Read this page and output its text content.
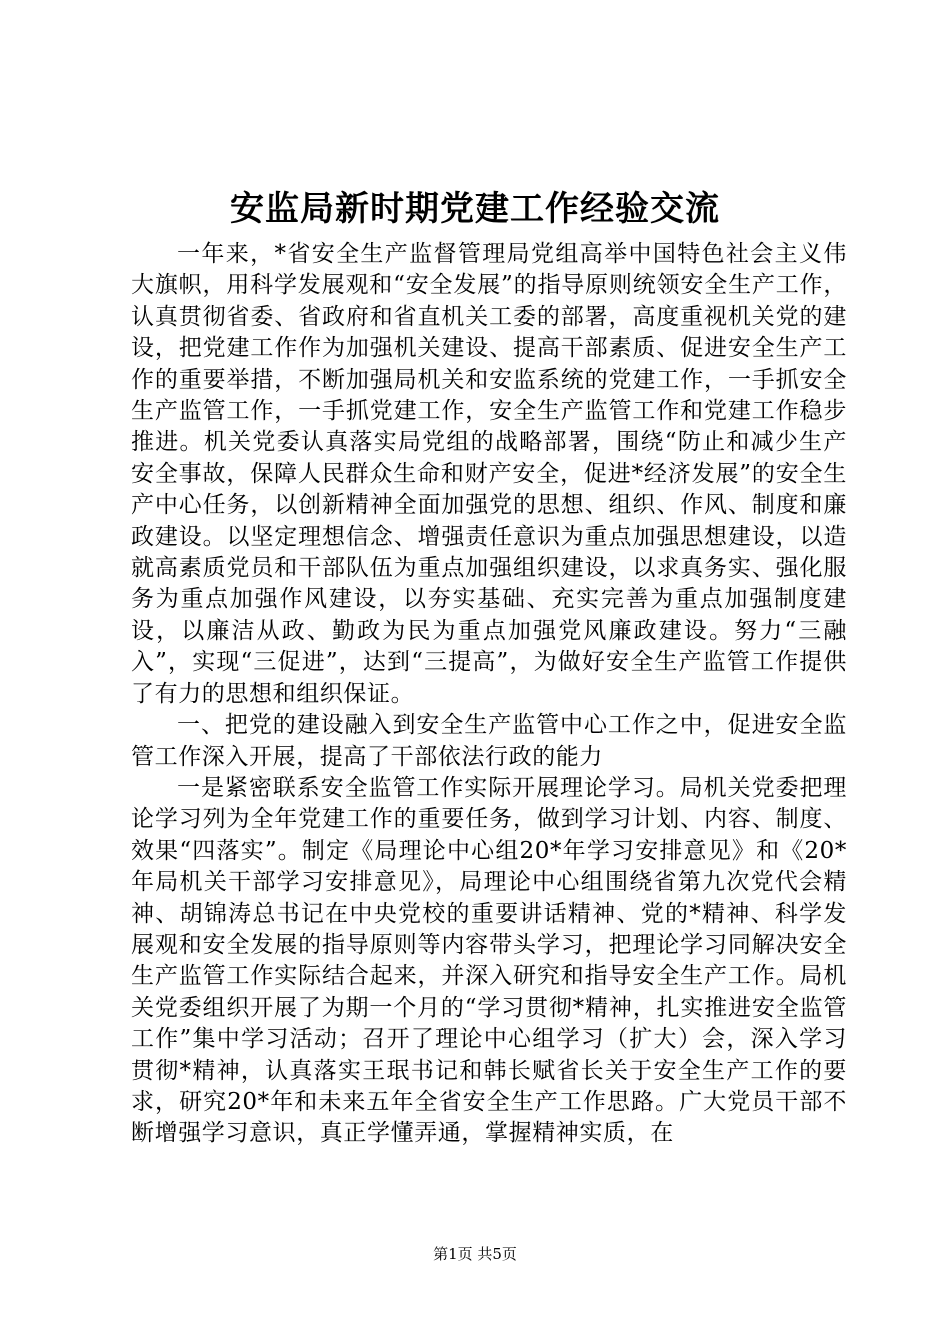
安监局新时期党建工作经验交流

一年来，*省安全生产监督管理局党组高举中国特色社会主义伟大旗帜，用科学发展观和“安全发展”的指导原则统领安全生产工作，认真贯彻省委、省政府和省直机关工委的部署，高度重视机关党的建设，把党建工作作为加强机关建设、提高干部素质、促进安全生产工作的重要举措，不断加强局机关和安监系统的党建工作，一手抓安全生产监管工作，一手抓党建工作，安全生产监管工作和党建工作稳步推进。机关党委认真落实局党组的战略部署，围绕“防止和减少生产安全事故，保障人民群众生命和财产安全，促进*经济发展”的安全生产中心任务，以创新精神全面加强党的思想、组织、作风、制度和廉政建设。以坚定理想信念、增强责任意识为重点加强思想建设，以造就高素质党员和干部队伍为重点加强组织建设，以求真务实、强化服务为重点加强作风建设，以夯实基础、充实完善为重点加强制度建设，以廉洁从政、勤政为民为重点加强党风廉政建设。努力“三融入”，实现“三促进”，达到“三提高”，为做好安全生产监管工作提供了有力的思想和组织保证。

一、把党的建设融入到安全生产监管中心工作之中，促进安全监管工作深入开展，提高了干部依法行政的能力

一是紧密联系安全监管工作实际开展理论学习。局机关党委把理论学习列为全年党建工作的重要任务，做到学习计划、内容、制度、效果“四落实”。制定《局理论中心组20*年学习安排意见》和《20*年局机关干部学习安排意见》，局理论中心组围绕省第九次党代会精神、胡锦涛总书记在中央党校的重要讲话精神、党的*精神、科学发展观和安全发展的指导原则等内容带头学习，把理论学习同解决安全生产监管工作实际结合起来，并深入研究和指导安全生产工作。局机关党委组织开展了为期一个月的“学习贯彻*精神，扎实推进安全监管工作”集中学习活动；召开了理论中心组学习（扩大）会，深入学习贯彻*精神，认真落实王珉书记和韩长赋省长关于安全生产工作的要求，研究20*年和未来五年全省安全生产工作思路。广大党员干部不断增强学习意识，真正学懂弄通，掌握精神实质，在

第1页 共5页
